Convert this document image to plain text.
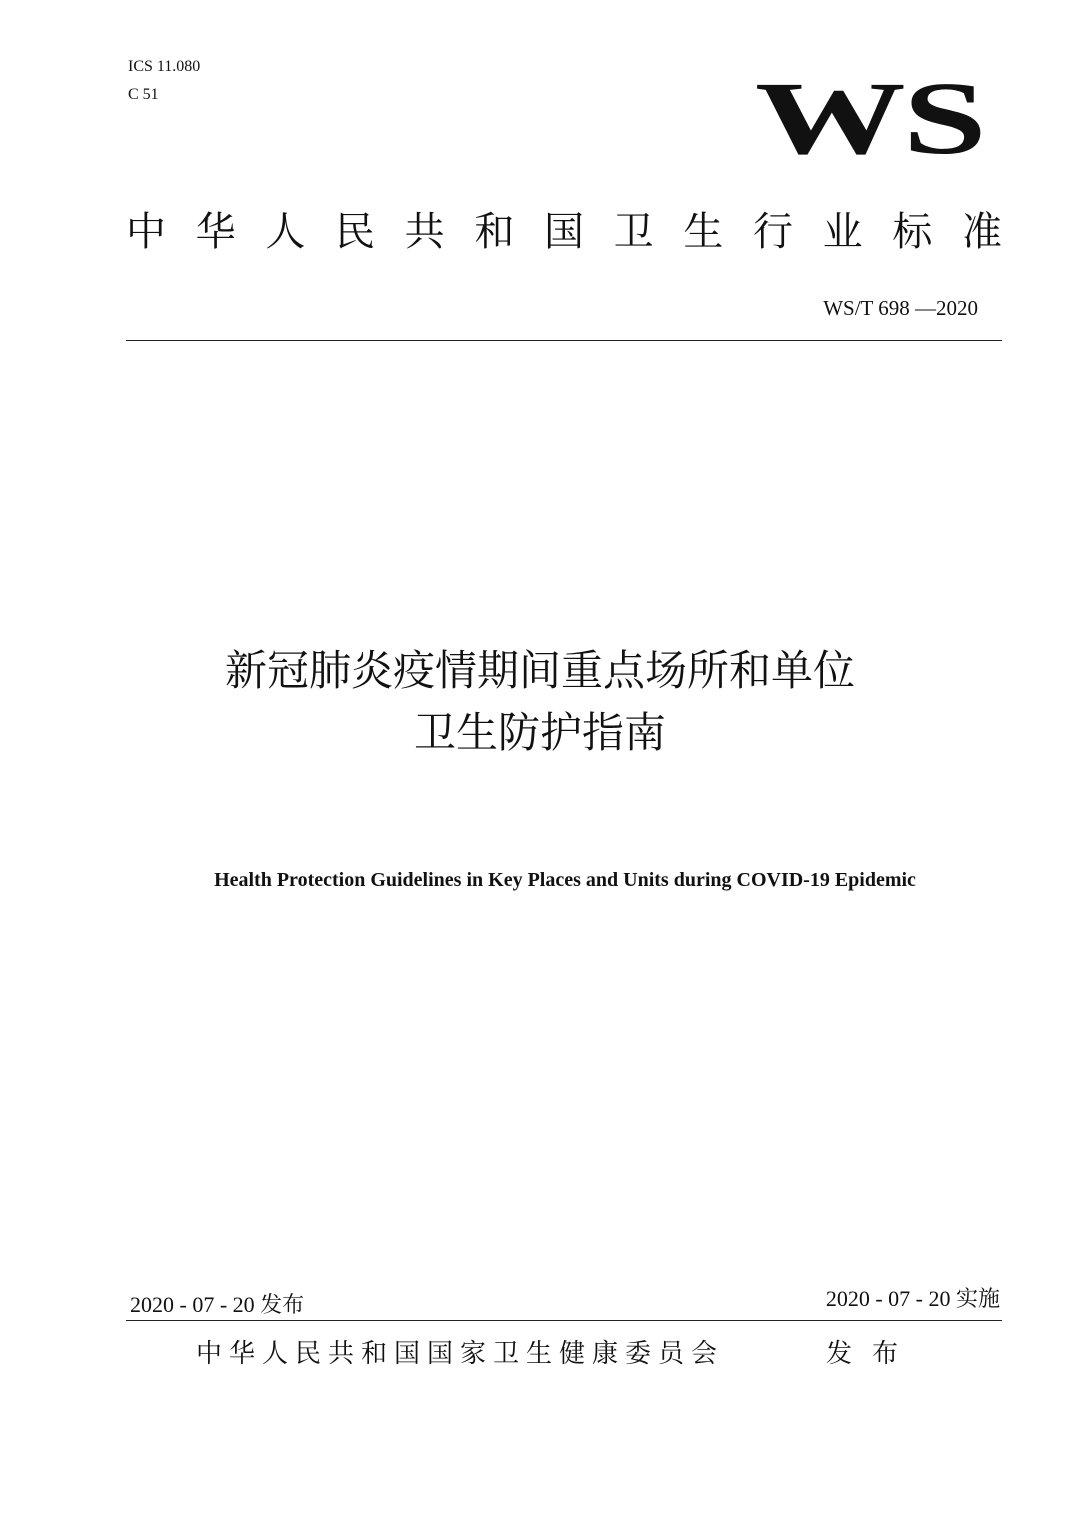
ICS 11.080
C 51	WS
中华人民共和国卫生行业标准
WS/T 698 —2020
新冠肺炎疫情期间重点场所和单位
卫生防护指南
Health Protection Guidelines in Key Places and Units during COVID-19 Epidemic
2020 - 07 - 20 发布	2020 - 07 - 20 实施
中华人民共和国国家卫生健康委员会	发布
